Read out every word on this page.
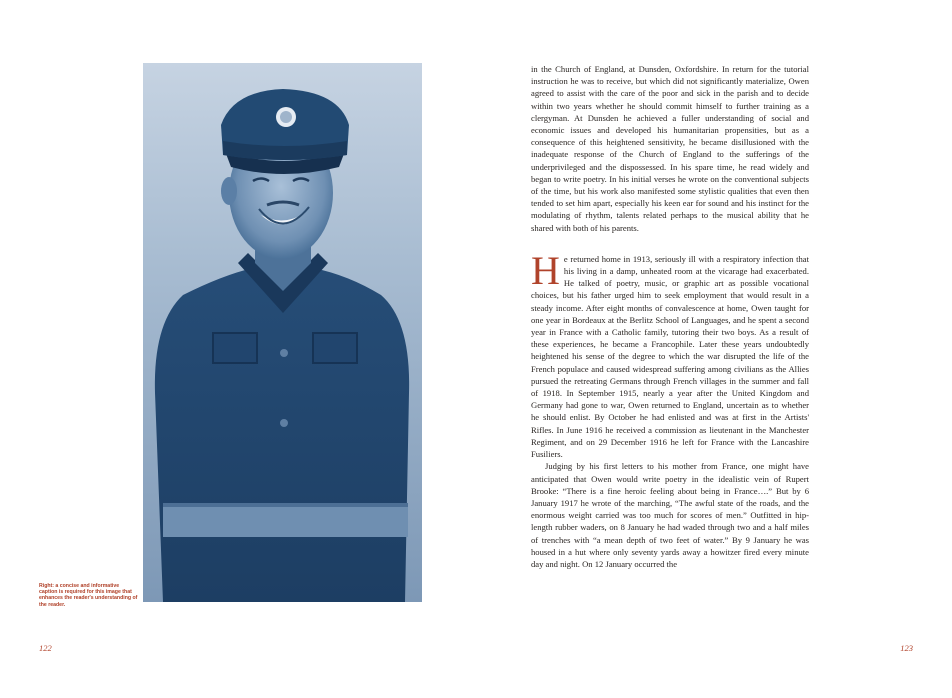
Right: a concise and informative caption is required for this image that enhances the reader's understanding of the reader.
122

in the Church of England, at Dunsden, Oxfordshire. In return for the tutorial instruction he was to receive, but which did not significantly materialize, Owen agreed to assist with the care of the poor and sick in the parish and to decide within two years whether he should commit himself to further training as a clergyman. At Dunsden he achieved a fuller understanding of social and economic issues and developed his humanitarian propensities, but as a consequence of this heightened sensitivity, he became disillusioned with the inadequate response of the Church of England to the sufferings of the underprivileged and the dispossessed. In his spare time, he read widely and began to write poetry. In his initial verses he wrote on the conventional subjects of the time, but his work also manifested some stylistic qualities that even then tended to set him apart, especially his keen ear for sound and his instinct for the modulating of rhythm, talents related perhaps to the musical ability that he shared with both of his parents.

He returned home in 1913, seriously ill with a respiratory infection that his living in a damp, unheated room at the vicarage had exacerbated. He talked of poetry, music, or graphic art as possible vocational choices, but his father urged him to seek employment that would result in a steady income. After eight months of convalescence at home, Owen taught for one year in Bordeaux at the Berlitz School of Languages, and he spent a second year in France with a Catholic family, tutoring their two boys. As a result of these experiences, he became a Francophile. Later these years undoubtedly heightened his sense of the degree to which the war disrupted the life of the French populace and caused widespread suffering among civilians as the Allies pursued the retreating Germans through French villages in the summer and fall of 1918. In September 1915, nearly a year after the United Kingdom and Germany had gone to war, Owen returned to England, uncertain as to whether he should enlist. By October he had enlisted and was at first in the Artists' Rifles. In June 1916 he received a commission as lieutenant in the Manchester Regiment, and on 29 December 1916 he left for France with the Lancashire Fusiliers.

Judging by his first letters to his mother from France, one might have anticipated that Owen would write poetry in the idealistic vein of Rupert Brooke: “There is a fine heroic feeling about being in France….” But by 6 January 1917 he wrote of the marching, “The awful state of the roads, and the enormous weight carried was too much for scores of men.” Outfitted in hip-length rubber waders, on 8 January he had waded through two and a half miles of trenches with “a mean depth of two feet of water.” By 9 January he was housed in a hut where only seventy yards away a howitzer fired every minute day and night. On 12 January occurred the

123
